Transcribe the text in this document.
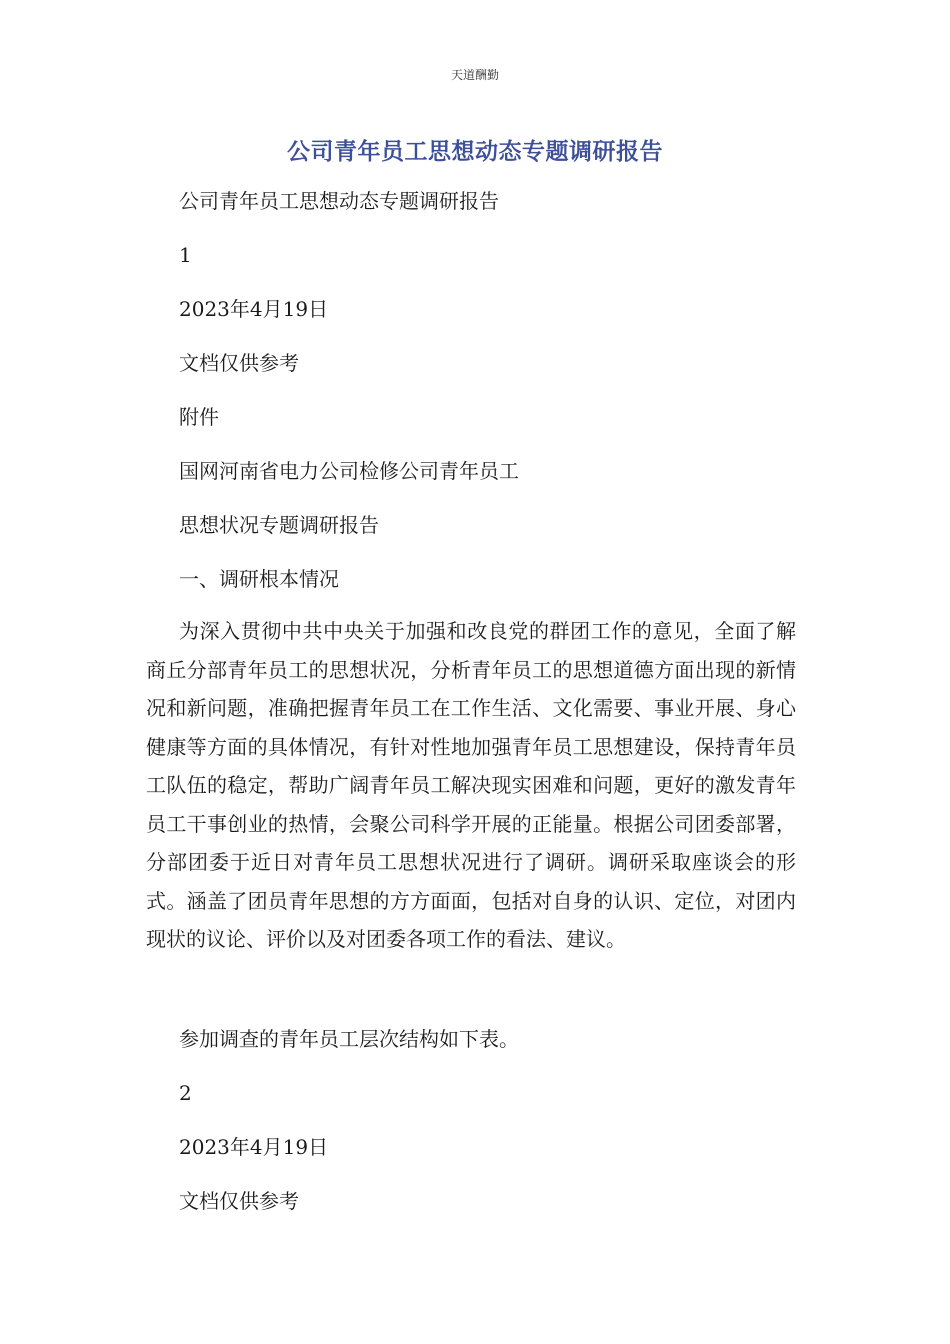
天道酬勤
公司青年员工思想动态专题调研报告
公司青年员工思想动态专题调研报告
1
2023年4月19日
文档仅供参考
附件
国网河南省电力公司检修公司青年员工
思想状况专题调研报告
一、调研根本情况
为深入贯彻中共中央关于加强和改良党的群团工作的意见，全面了解商丘分部青年员工的思想状况，分析青年员工的思想道德方面出现的新情况和新问题，准确把握青年员工在工作生活、文化需要、事业开展、身心健康等方面的具体情况，有针对性地加强青年员工思想建设，保持青年员工队伍的稳定，帮助广阔青年员工解决现实困难和问题，更好的激发青年员工干事创业的热情，会聚公司科学开展的正能量。根据公司团委部署，分部团委于近日对青年员工思想状况进行了调研。调研采取座谈会的形式。涵盖了团员青年思想的方方面面，包括对自身的认识、定位，对团内现状的议论、评价以及对团委各项工作的看法、建议。
参加调查的青年员工层次结构如下表。
2
2023年4月19日
文档仅供参考
